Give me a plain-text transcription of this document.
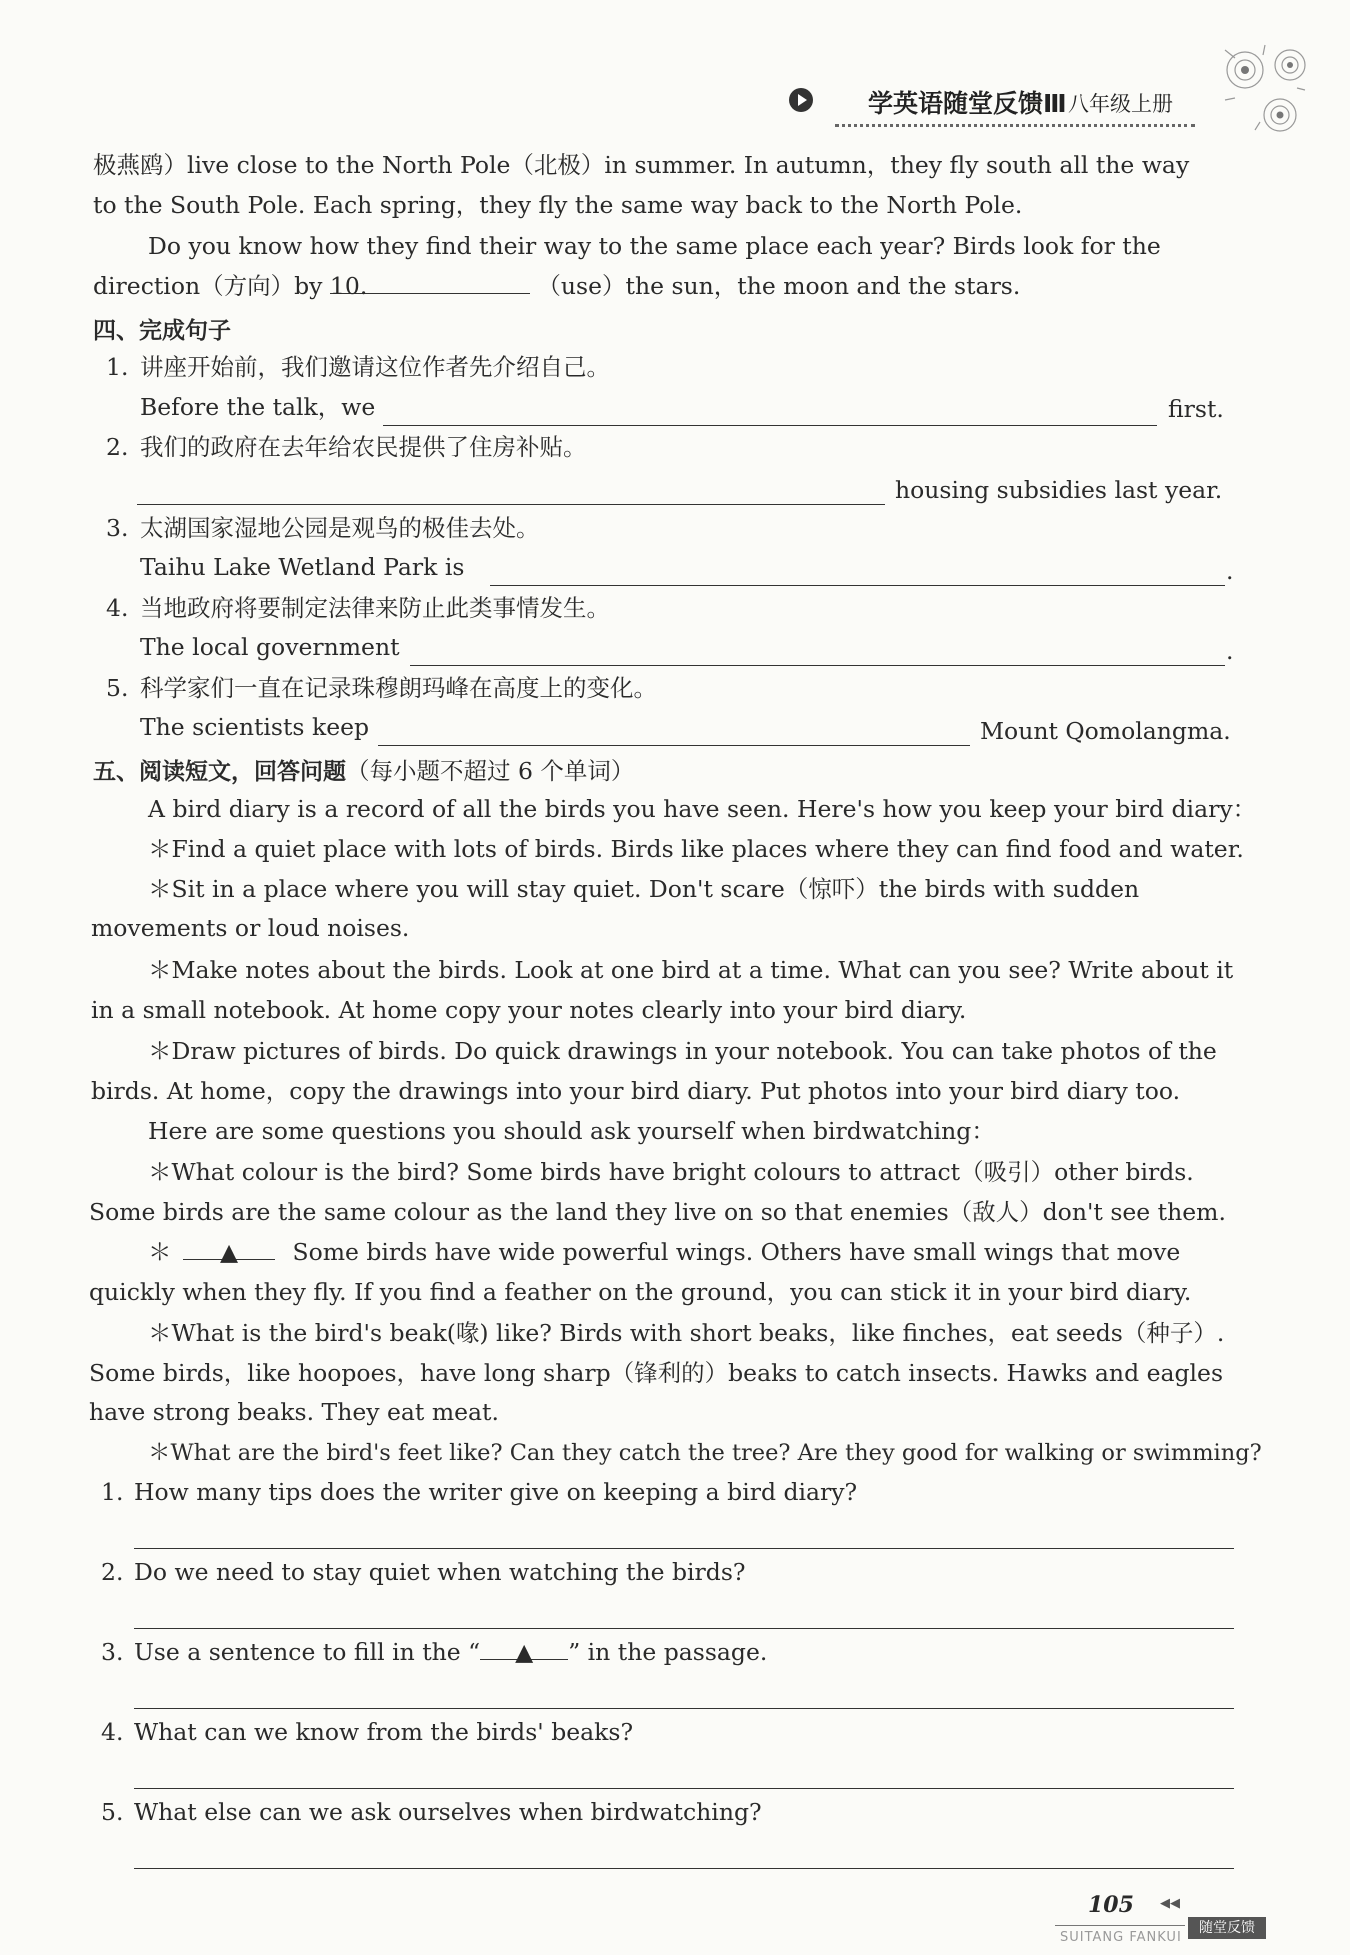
学英语随堂反馈Ⅲ 八年级上册
极燕鸥）live close to the North Pole（北极）in summer. In autumn，they fly south all the way
to the South Pole. Each spring，they fly the same way back to the North Pole.
Do you know how they find their way to the same place each year? Birds look for the
direction（方向）by 10.	（use）the sun，the moon and the stars.
四、完成句子
1. 讲座开始前，我们邀请这位作者先介绍自己。
Before the talk，we	first.
2. 我们的政府在去年给农民提供了住房补贴。
housing subsidies last year.
3. 太湖国家湿地公园是观鸟的极佳去处。
Taihu Lake Wetland Park is	.
4. 当地政府将要制定法律来防止此类事情发生。
The local government	.
5. 科学家们一直在记录珠穆朗玛峰在高度上的变化。
The scientists keep	Mount Qomolangma.
五、阅读短文，回答问题（每小题不超过 6 个单词）
A bird diary is a record of all the birds you have seen. Here's how you keep your bird diary：
＊Find a quiet place with lots of birds. Birds like places where they can find food and water.
＊Sit in a place where you will stay quiet. Don't scare（惊吓）the birds with sudden
movements or loud noises.
＊Make notes about the birds. Look at one bird at a time. What can you see? Write about it
in a small notebook. At home copy your notes clearly into your bird diary.
＊Draw pictures of birds. Do quick drawings in your notebook. You can take photos of the
birds. At home，copy the drawings into your bird diary. Put photos into your bird diary too.
Here are some questions you should ask yourself when birdwatching：
＊What colour is the bird? Some birds have bright colours to attract（吸引）other birds.
Some birds are the same colour as the land they live on so that enemies（敌人）don't see them.
＊ ▲ Some birds have wide powerful wings. Others have small wings that move
quickly when they fly. If you find a feather on the ground，you can stick it in your bird diary.
＊What is the bird's beak(喙) like? Birds with short beaks，like finches，eat seeds（种子）.
Some birds，like hoopoes，have long sharp（锋利的）beaks to catch insects. Hawks and eagles
have strong beaks. They eat meat.
＊What are the bird's feet like? Can they catch the tree? Are they good for walking or swimming?
1. How many tips does the writer give on keeping a bird diary?
2. Do we need to stay quiet when watching the birds?
3. Use a sentence to fill in the “ ▲ ” in the passage.
4. What can we know from the birds' beaks?
5. What else can we ask ourselves when birdwatching?
105 ◀◀
SUITANG FANKUI
随堂反馈
